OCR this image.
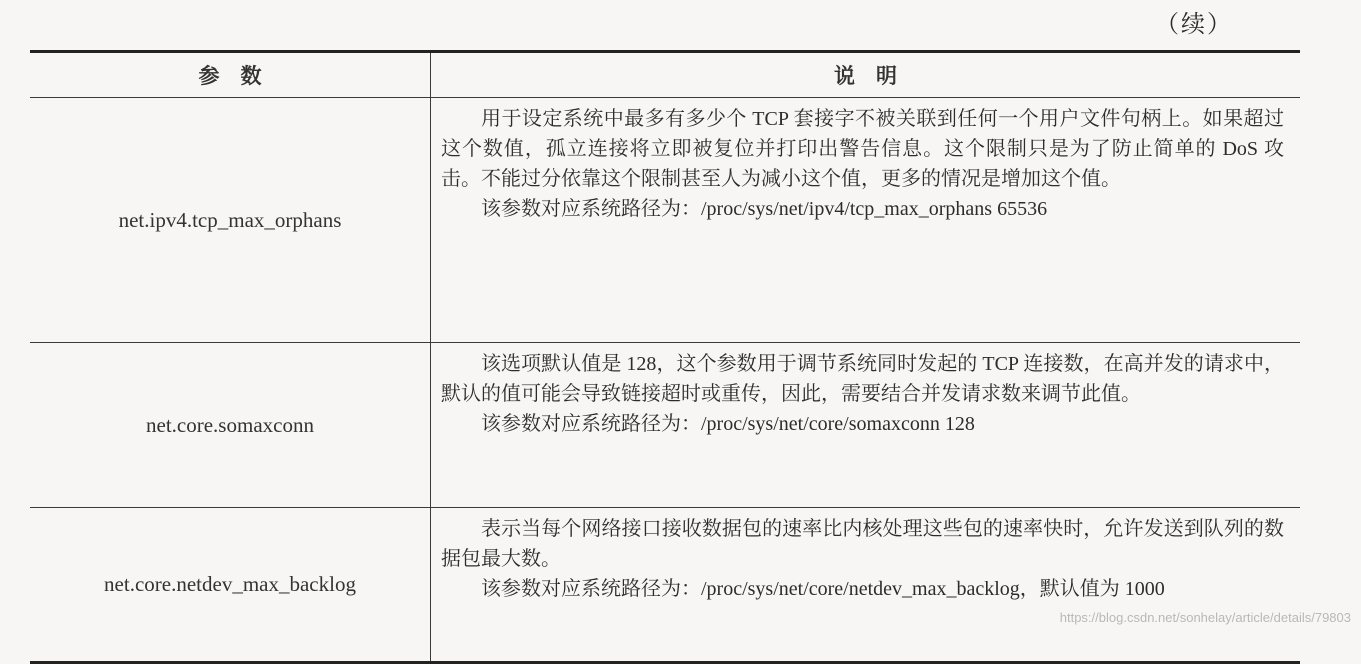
（续）
参　数	说　明
net.ipv4.tcp_max_orphans	用于设定系统中最多有多少个 TCP 套接字不被关联到任何一个用户文件句柄上。如果超过这个数值，孤立连接将立即被复位并打印出警告信息。这个限制只是为了防止简单的 DoS 攻击。不能过分依靠这个限制甚至人为减小这个值，更多的情况是增加这个值。

该参数对应系统路径为：/proc/sys/net/ipv4/tcp_max_orphans 65536

net.core.somaxconn	该选项默认值是 128，这个参数用于调节系统同时发起的 TCP 连接数，在高并发的请求中，默认的值可能会导致链接超时或重传，因此，需要结合并发请求数来调节此值。

该参数对应系统路径为：/proc/sys/net/core/somaxconn 128

net.core.netdev_max_backlog	表示当每个网络接口接收数据包的速率比内核处理这些包的速率快时，允许发送到队列的数据包最大数。

该参数对应系统路径为：/proc/sys/net/core/netdev_max_backlog，默认值为 1000

https://blog.csdn.net/sonhelay/article/details/79803
